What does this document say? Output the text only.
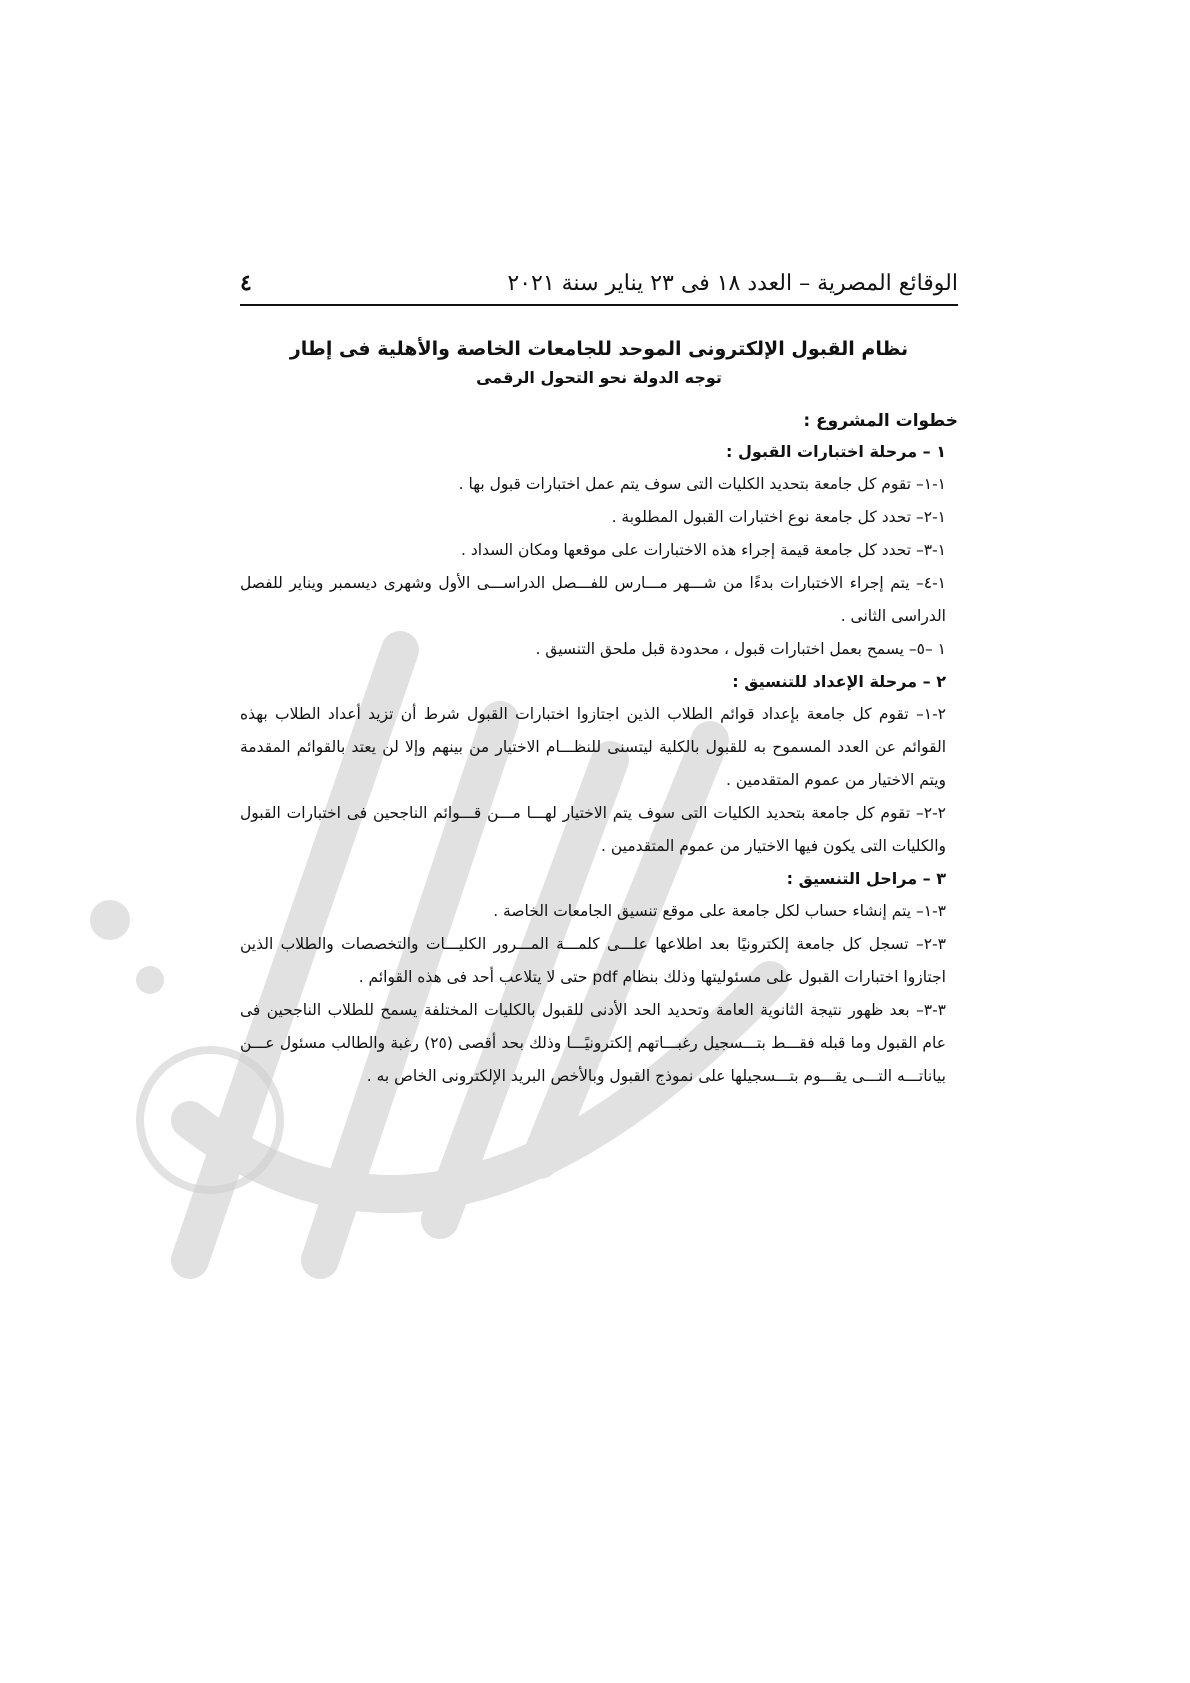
الوقائع المصرية – العدد ١٨ فى ٢٣ يناير سنة ٢٠٢١
٤
نظام القبول الإلكترونى الموحد للجامعات الخاصة والأهلية فى إطار
توجه الدولة نحو التحول الرقمى
خطوات المشروع :
١ – مرحلة اختبارات القبول :
١-١– تقوم كل جامعة بتحديد الكليات التى سوف يتم عمل اختبارات قبول بها .
١-٢– تحدد كل جامعة نوع اختبارات القبول المطلوبة .
١-٣– تحدد كل جامعة قيمة إجراء هذه الاختبارات على موقعها ومكان السداد .
١-٤– يتم إجراء الاختبارات بدءًا من شـــهر مـــارس للفـــصل الدراســـى الأول وشهرى ديسمبر ويناير للفصل الدراسى الثانى .
١ –٥– يسمح بعمل اختبارات قبول ، محدودة قبل ملحق التنسيق .
٢ – مرحلة الإعداد للتنسيق :
٢-١– تقوم كل جامعة بإعداد قوائم الطلاب الذين اجتازوا اختبارات القبول شرط أن تزيد أعداد الطلاب بهذه القوائم عن العدد المسموح به للقبول بالكلية ليتسنى للنظـــام الاختيار من بينهم وإلا لن يعتد بالقوائم المقدمة ويتم الاختيار من عموم المتقدمين .
٢-٢– تقوم كل جامعة بتحديد الكليات التى سوف يتم الاختيار لهـــا مـــن قـــوائم الناجحين فى اختبارات القبول والكليات التى يكون فيها الاختيار من عموم المتقدمين .
٣ – مراحل التنسيق :
٣-١– يتم إنشاء حساب لكل جامعة على موقع تنسيق الجامعات الخاصة .
٣-٢– تسجل كل جامعة إلكترونيًا بعد اطلاعها علـــى كلمـــة المـــرور الكليـــات والتخصصات والطلاب الذين اجتازوا اختبارات القبول على مسئوليتها وذلك بنظام pdf حتى لا يتلاعب أحد فى هذه القوائم .
٣-٣– بعد ظهور نتيجة الثانوية العامة وتحديد الحد الأدنى للقبول بالكليات المختلفة يسمح للطلاب الناجحين فى عام القبول وما قبله فقـــط بتـــسجيل رغبـــاتهم إلكترونيًـــا وذلك بحد أقصى (٢٥) رغبة والطالب مسئول عـــن بياناتـــه التـــى يقـــوم بتـــسجيلها على نموذج القبول وبالأخص البريد الإلكترونى الخاص به .
